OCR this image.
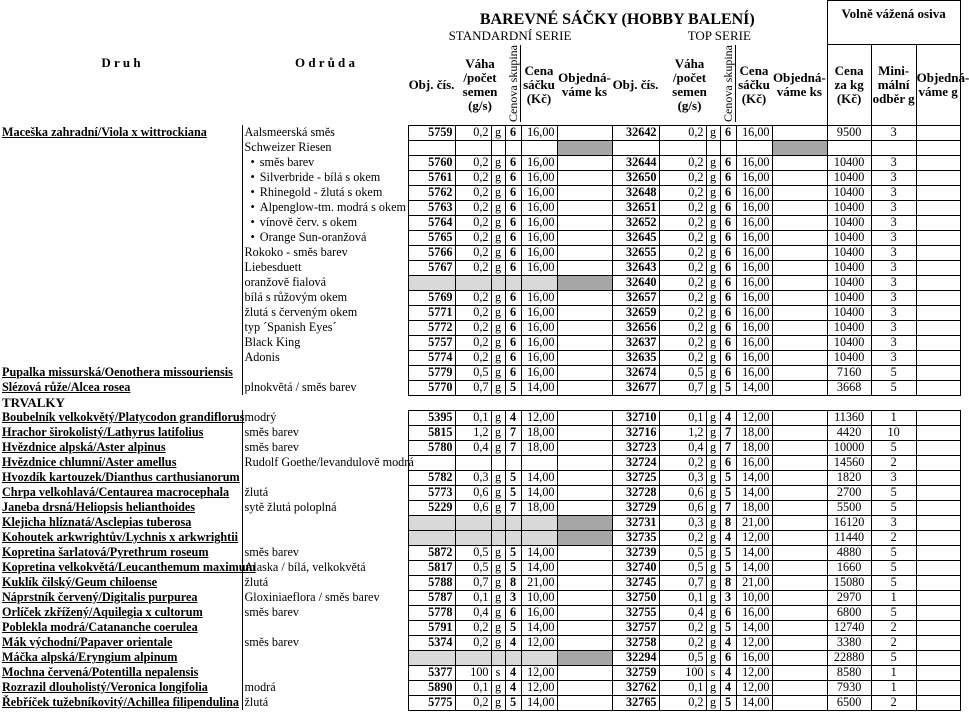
D r u h	O d r ů d a	BAREVNÉ SÁČKY (HOBBY BALENÍ)												Volně vážená osiva		
		STANDARDNÍ SERIE						TOP SERIE								
		Obj. čís.	Váha /počet semen (g/s)		Cenova skupina	Cena sáčku (Kč)	Objedná-váme ks	Obj. čís.	Váha /počet semen (g/s)		Cenova skupina	Cena sáčku (Kč)	Objedná-váme ks	Cena za kg (Kč)	Mini-mální odběr g	Objedná-váme g
Maceška zahradní/Viola x wittrockiana	Aalsmeerská směs	5759	0,2	g	6	16,00		32642	0,2	g	6	16,00		9500	3	
	Schweizer Riesen															
	• směs barev	5760	0,2	g	6	16,00		32644	0,2	g	6	16,00		10400	3	
	• Silverbride - bílá s okem	5761	0,2	g	6	16,00		32650	0,2	g	6	16,00		10400	3	
	• Rhinegold - žlutá s okem	5762	0,2	g	6	16,00		32648	0,2	g	6	16,00		10400	3	
	• Alpenglow-tm. modrá s okem	5763	0,2	g	6	16,00		32651	0,2	g	6	16,00		10400	3	
	• vínově červ. s okem	5764	0,2	g	6	16,00		32652	0,2	g	6	16,00		10400	3	
	• Orange Sun-oranžová	5765	0,2	g	6	16,00		32645	0,2	g	6	16,00		10400	3	
	Rokoko - směs barev	5766	0,2	g	6	16,00		32655	0,2	g	6	16,00		10400	3	
	Liebesduett	5767	0,2	g	6	16,00		32643	0,2	g	6	16,00		10400	3	
	oranžově fialová							32640	0,2	g	6	16,00		10400	3	
	bílá s růžovým okem	5769	0,2	g	6	16,00		32657	0,2	g	6	16,00		10400	3	
	žlutá s červeným okem	5771	0,2	g	6	16,00		32659	0,2	g	6	16,00		10400	3	
	typ ´Spanish Eyes´	5772	0,2	g	6	16,00		32656	0,2	g	6	16,00		10400	3	
	Black King	5757	0,2	g	6	16,00		32637	0,2	g	6	16,00		10400	3	
	Adonis	5774	0,2	g	6	16,00		32635	0,2	g	6	16,00		10400	3	
Pupalka missurská/Oenothera missouriensis		5779	0,5	g	6	16,00		32674	0,5	g	6	16,00		7160	5	
Slézová růže/Alcea rosea	plnokvětá / směs barev	5770	0,7	g	5	14,00		32677	0,7	g	5	14,00		3668	5	
TRVALKY																
Boubelník velkokvětý/Platycodon grandiflorus	modrý	5395	0,1	g	4	12,00		32710	0,1	g	4	12,00		11360	1	
Hrachor širokolistý/Lathyrus latifolius	směs barev	5815	1,2	g	7	18,00		32716	1,2	g	7	18,00		4420	10	
Hvězdnice alpská/Aster alpinus	směs barev	5780	0,4	g	7	18,00		32723	0,4	g	7	18,00		10000	5	
Hvězdnice chlumní/Aster amellus	Rudolf Goethe/levandulově modrá							32724	0,2	g	6	16,00		14560	2	
Hvozdík kartouzek/Dianthus carthusianorum		5782	0,3	g	5	14,00		32725	0,3	g	5	14,00		1820	3	
Chrpa velkohlavá/Centaurea macrocephala	žlutá	5773	0,6	g	5	14,00		32728	0,6	g	5	14,00		2700	5	
Janeba drsná/Heliopsis helianthoides	sytě žlutá poloplná	5229	0,6	g	7	18,00		32729	0,6	g	7	18,00		5500	5	
Klejicha hlíznatá/Asclepias tuberosa								32731	0,3	g	8	21,00		16120	3	
Kohoutek arkwrightův/Lychnis x arkwrightii								32735	0,2	g	4	12,00		11440	2	
Kopretina šarlatová/Pyrethrum roseum	směs barev	5872	0,5	g	5	14,00		32739	0,5	g	5	14,00		4880	5	
Kopretina velkokvětá/Leucanthemum maximum	Alaska / bílá, velkokvětá	5817	0,5	g	5	14,00		32740	0,5	g	5	14,00		1660	5	
Kuklík čilský/Geum chiloense	žlutá	5788	0,7	g	8	21,00		32745	0,7	g	8	21,00		15080	5	
Náprstník červený/Digitalis purpurea	Gloxiniaeflora / směs barev	5787	0,1	g	3	10,00		32750	0,1	g	3	10,00		2970	1	
Orlíček zkřížený/Aquilegia x cultorum	směs barev	5778	0,4	g	6	16,00		32755	0,4	g	6	16,00		6800	5	
Poblekla modrá/Catananche coerulea		5791	0,2	g	5	14,00		32757	0,2	g	5	14,00		12740	2	
Mák východní/Papaver orientale	směs barev	5374	0,2	g	4	12,00		32758	0,2	g	4	12,00		3380	2	
Máčka alpská/Eryngium alpinum								32294	0,5	g	6	16,00		22880	5	
Mochna červená/Potentilla nepalensis		5377	100	s	4	12,00		32759	100	s	4	12,00		8580	1	
Rozrazil dlouholistý/Veronica longifolia	modrá	5890	0,1	g	4	12,00		32762	0,1	g	4	12,00		7930	1	
Řebříček tužebníkovitý/Achillea filipendulina	žlutá	5775	0,2	g	5	14,00		32765	0,2	g	5	14,00		6500	2	
